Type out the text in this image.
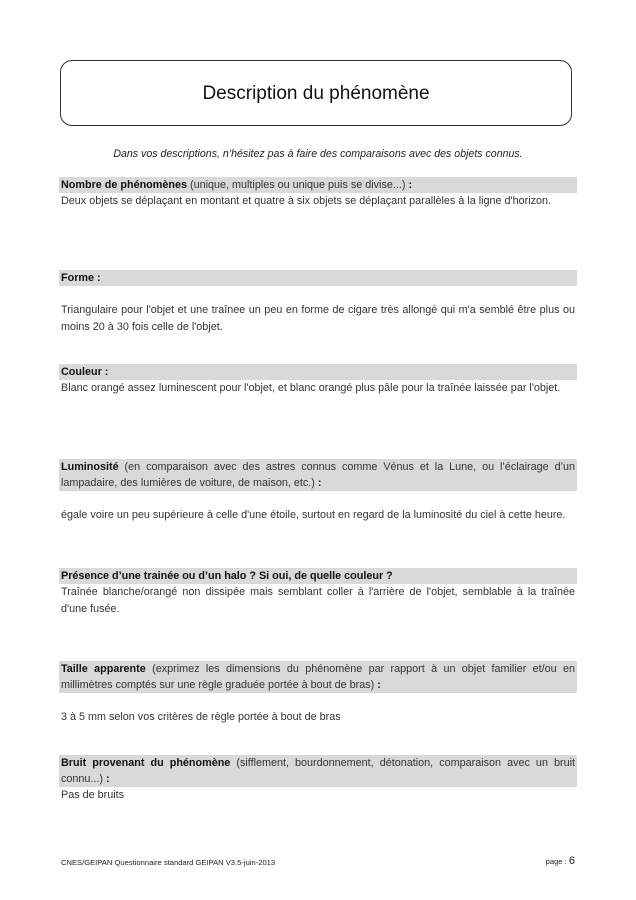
Description du phénomène
Dans vos descriptions, n’hésitez pas à faire des comparaisons avec des objets connus.
Nombre de phénomènes (unique, multiples ou unique puis se divise...) :
Deux objets se déplaçant en montant et quatre à six objets se déplaçant parallèles à la ligne d'horizon.
Forme :
Triangulaire pour l'objet et une traînee un peu en forme de cigare très allongé qui m'a semblé être plus ou moins 20 à 30 fois celle de l'objet.
Couleur :
Blanc orangé assez luminescent pour l'objet, et blanc orangé plus pâle pour la traînée laissée par l'objet.
Luminosité (en comparaison avec des astres connus comme Vénus et la Lune, ou l’éclairage d’un lampadaire, des lumières de voiture, de maison, etc.) :
égale voire un peu supérieure à celle d'une étoile, surtout en regard de la luminosité du ciel à cette heure.
Présence d’une trainée ou d’un halo ? Si oui, de quelle couleur ?
Traînée blanche/orangé non dissipée mais semblant coller à l'arrière de l'objet, semblable à la traînée d'une fusée.
Taille apparente (exprimez les dimensions du phénomène par rapport à un objet familier et/ou en millimètres comptés sur une règle graduée portée à bout de bras) :
3 à 5 mm selon vos critères de règle portée à bout de bras
Bruit provenant du phénomène (sifflement, bourdonnement, détonation, comparaison avec un bruit connu...) :
Pas de bruits
CNES/GEIPAN Questionnaire standard GEIPAN V3.5-juin-2013	page : 6
